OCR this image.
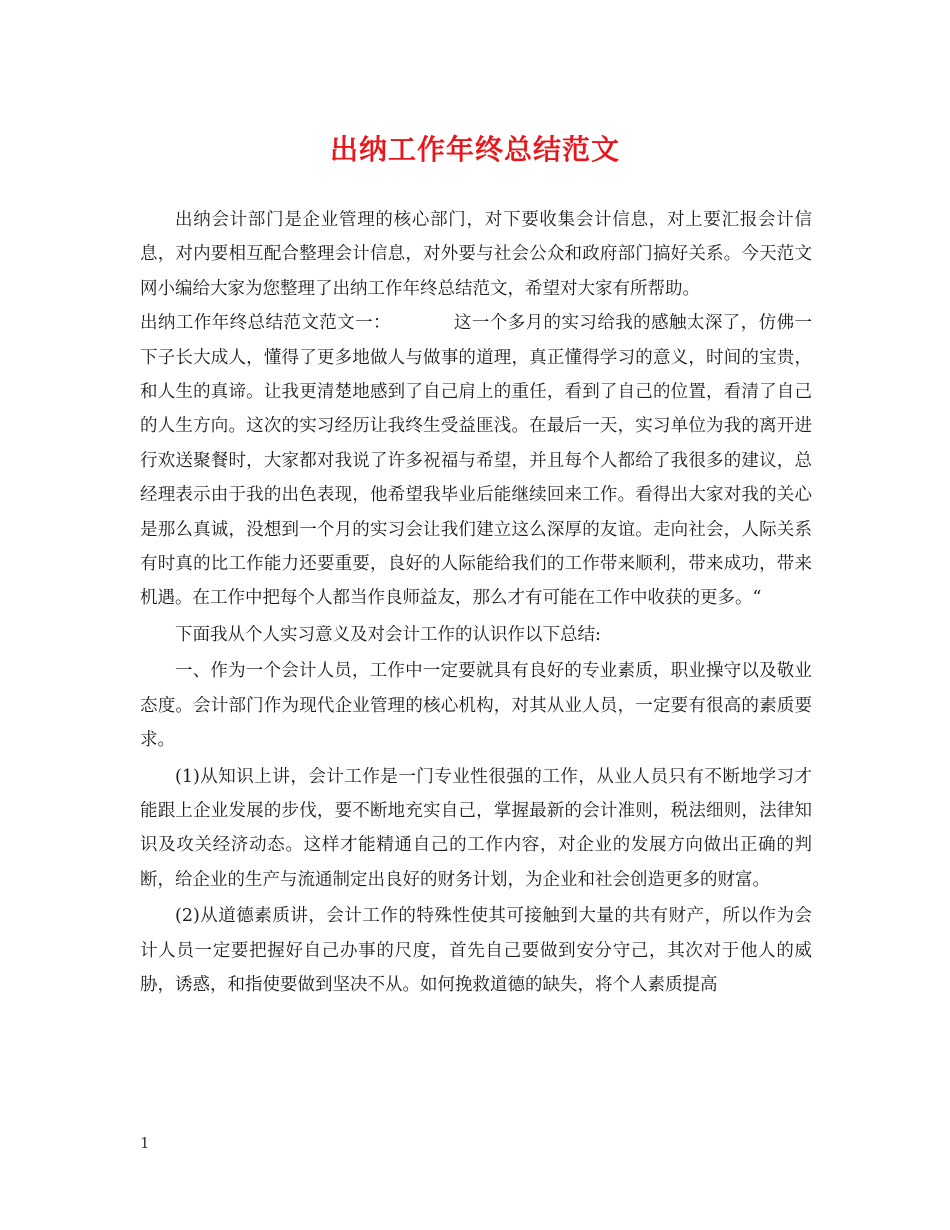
出纳工作年终总结范文

出纳会计部门是企业管理的核心部门，对下要收集会计信息，对上要汇报会计信息，对内要相互配合整理会计信息，对外要与社会公众和政府部门搞好关系。今天范文网小编给大家为您整理了出纳工作年终总结范文，希望对大家有所帮助。

出纳工作年终总结范文范文一：　　　　这一个多月的实习给我的感触太深了，仿佛一下子长大成人，懂得了更多地做人与做事的道理，真正懂得学习的意义，时间的宝贵，和人生的真谛。让我更清楚地感到了自己肩上的重任，看到了自己的位置，看清了自己的人生方向。这次的实习经历让我终生受益匪浅。在最后一天，实习单位为我的离开进行欢送聚餐时，大家都对我说了许多祝福与希望，并且每个人都给了我很多的建议，总经理表示由于我的出色表现，他希望我毕业后能继续回来工作。看得出大家对我的关心是那么真诚，没想到一个月的实习会让我们建立这么深厚的友谊。走向社会，人际关系有时真的比工作能力还要重要，良好的人际能给我们的工作带来顺利，带来成功，带来机遇。在工作中把每个人都当作良师益友，那么才有可能在工作中收获的更多。“

下面我从个人实习意义及对会计工作的认识作以下总结:

一、作为一个会计人员，工作中一定要就具有良好的专业素质，职业操守以及敬业态度。会计部门作为现代企业管理的核心机构，对其从业人员，一定要有很高的素质要求。

(1)从知识上讲，会计工作是一门专业性很强的工作，从业人员只有不断地学习才能跟上企业发展的步伐，要不断地充实自己，掌握最新的会计准则，税法细则，法律知识及攻关经济动态。这样才能精通自己的工作内容，对企业的发展方向做出正确的判断，给企业的生产与流通制定出良好的财务计划，为企业和社会创造更多的财富。

(2)从道德素质讲，会计工作的特殊性使其可接触到大量的共有财产，所以作为会计人员一定要把握好自己办事的尺度，首先自己要做到安分守己，其次对于他人的威胁，诱惑，和指使要做到坚决不从。如何挽救道德的缺失，将个人素质提高

1
